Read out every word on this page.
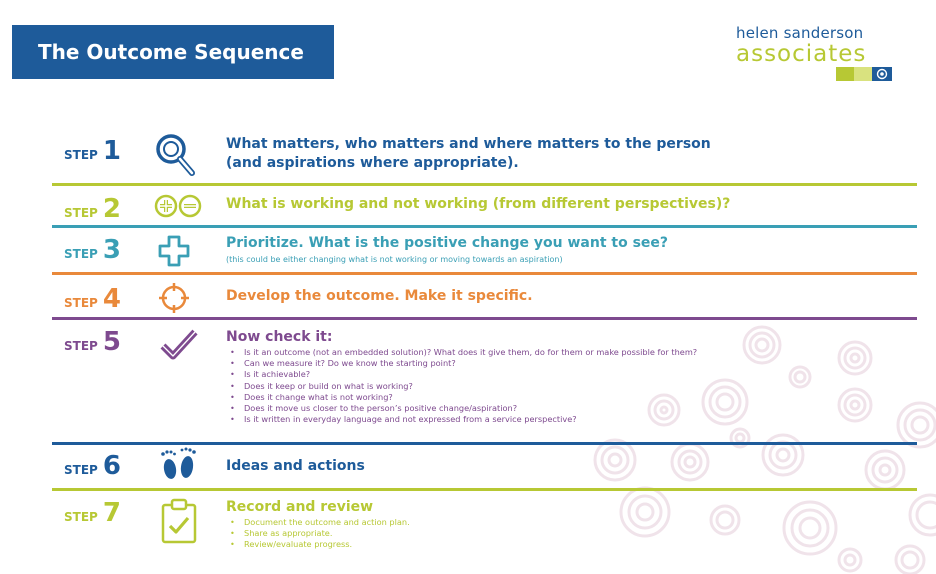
The Outcome Sequence
helen sanderson
associates
STEP 1	What matters, who matters and where matters to the person
(and aspirations where appropriate).
STEP 2	What is working and not working (from different perspectives)?
STEP 3	Prioritize. What is the positive change you want to see?
(this could be either changing what is not working or moving towards an aspiration)
STEP 4	Develop the outcome. Make it specific.
STEP 5	Now check it:
• Is it an outcome (not an embedded solution)? What does it give them, do for them or make possible for them?
• Can we measure it? Do we know the starting point?
• Is it achievable?
• Does it keep or build on what is working?
• Does it change what is not working?
• Does it move us closer to the person’s positive change/aspiration?
• Is it written in everyday language and not expressed from a service perspective?
STEP 6	Ideas and actions
STEP 7	Record and review
• Document the outcome and action plan.
• Share as appropriate.
• Review/evaluate progress.
